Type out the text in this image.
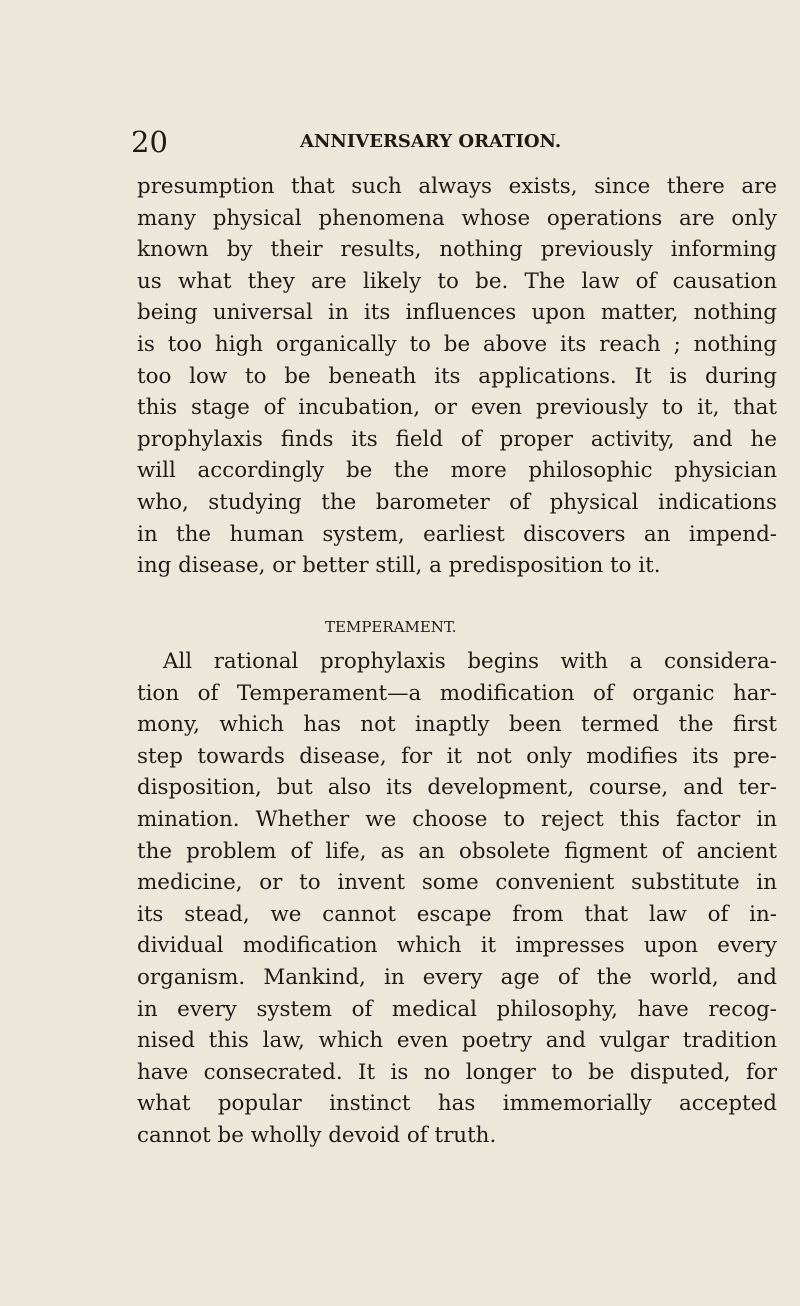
20	ANNIVERSARY ORATION.
presumption that such always exists, since there are
many physical phenomena whose operations are only
known by their results, nothing previously informing
us what they are likely to be. The law of causation
being universal in its influences upon matter, nothing
is too high organically to be above its reach ; nothing
too low to be beneath its applications. It is during
this stage of incubation, or even previously to it, that
prophylaxis finds its field of proper activity, and he
will accordingly be the more philosophic physician
who, studying the barometer of physical indications
in the human system, earliest discovers an impend-
ing disease, or better still, a predisposition to it.
TEMPERAMENT.
All rational prophylaxis begins with a considera-
tion of Temperament—a modification of organic har-
mony, which has not inaptly been termed the first
step towards disease, for it not only modifies its pre-
disposition, but also its development, course, and ter-
mination. Whether we choose to reject this factor in
the problem of life, as an obsolete figment of ancient
medicine, or to invent some convenient substitute in
its stead, we cannot escape from that law of in-
dividual modification which it impresses upon every
organism. Mankind, in every age of the world, and
in every system of medical philosophy, have recog-
nised this law, which even poetry and vulgar tradition
have consecrated. It is no longer to be disputed, for
what popular instinct has immemorially accepted
cannot be wholly devoid of truth.
